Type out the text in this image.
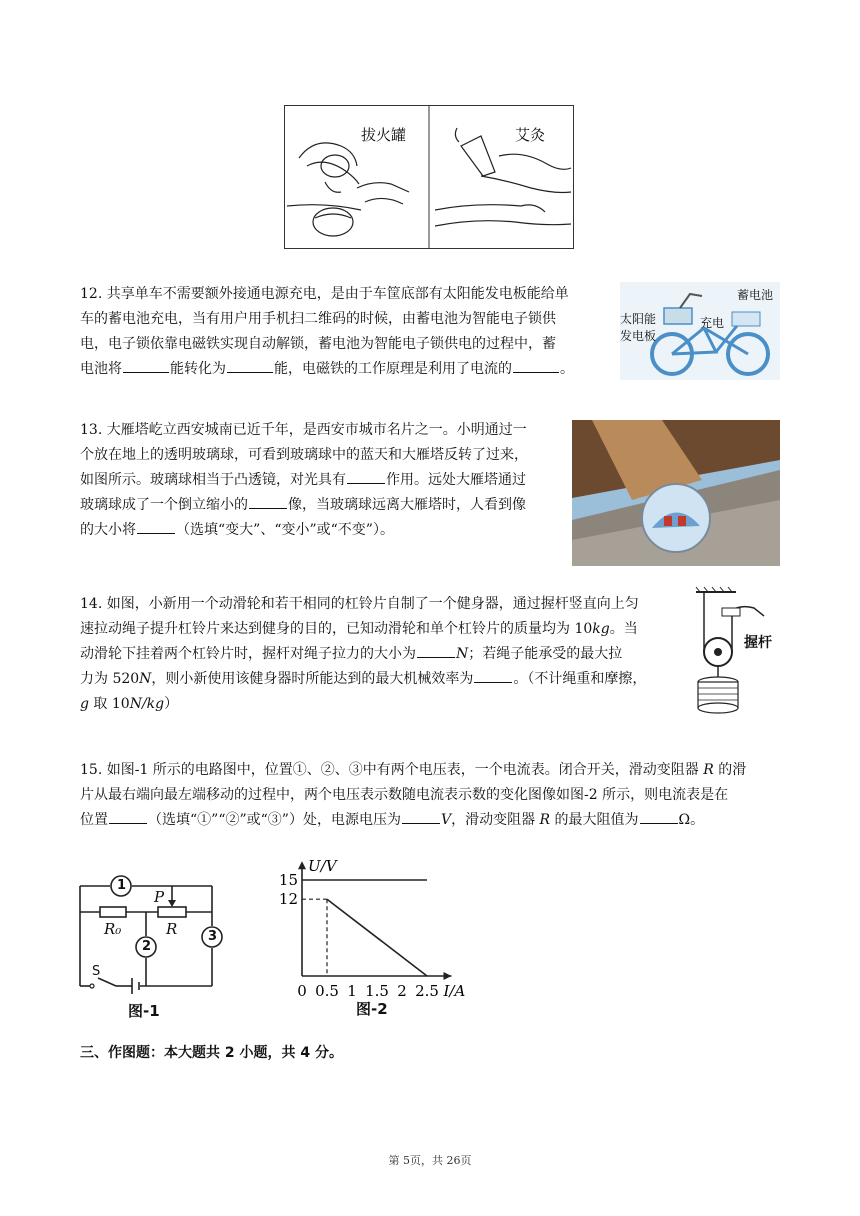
拔火罐	艾灸
12. 共享单车不需要额外接通电源充电，是由于车筐底部有太阳能发电板能给单
车的蓄电池充电，当有用户用手机扫二维码的时候，由蓄电池为智能电子锁供
电，电子锁依靠电磁铁实现自动解锁，蓄电池为智能电子锁供电的过程中，蓄
电池将	能转化为	能，电磁铁的工作原理是利用了电流的	。
蓄电池
太阳能
发电板
充电
13. 大雁塔屹立西安城南已近千年，是西安市城市名片之一。小明通过一
个放在地上的透明玻璃球，可看到玻璃球中的蓝天和大雁塔反转了过来，
如图所示。玻璃球相当于凸透镜，对光具有	作用。远处大雁塔通过
玻璃球成了一个倒立缩小的	像，当玻璃球远离大雁塔时，人看到像
的大小将	（选填“变大”、“变小”或“不变”）。
14. 如图，小新用一个动滑轮和若干相同的杠铃片自制了一个健身器，通过握杆竖直向上匀
速拉动绳子提升杠铃片来达到健身的目的，已知动滑轮和单个杠铃片的质量均为 10kg。当
动滑轮下挂着两个杠铃片时，握杆对绳子拉力的大小为	N；若绳子能承受的最大拉
力为 520N，则小新使用该健身器时所能达到的最大机械效率为	。（不计绳重和摩擦，
g 取 10N/kg）
握杆
15. 如图-1 所示的电路图中，位置①、②、③中有两个电压表，一个电流表。闭合开关，滑动变阻器 R 的滑
片从最右端向最左端移动的过程中，两个电压表示数随电流表示数的变化图像如图-2 所示，则电流表是在
位置	（选填“①”“②”或“③”）处，电源电压为	V，滑动变阻器 R 的最大阻值为	Ω。
1
2
3
P
R₀	R
S
图-1
U/V
I/A
0 0.5 1 1.5 2 2.5
15
12
图-2
三、作图题：本大题共 2 小题，共 4 分。
第 5页，共 26页
